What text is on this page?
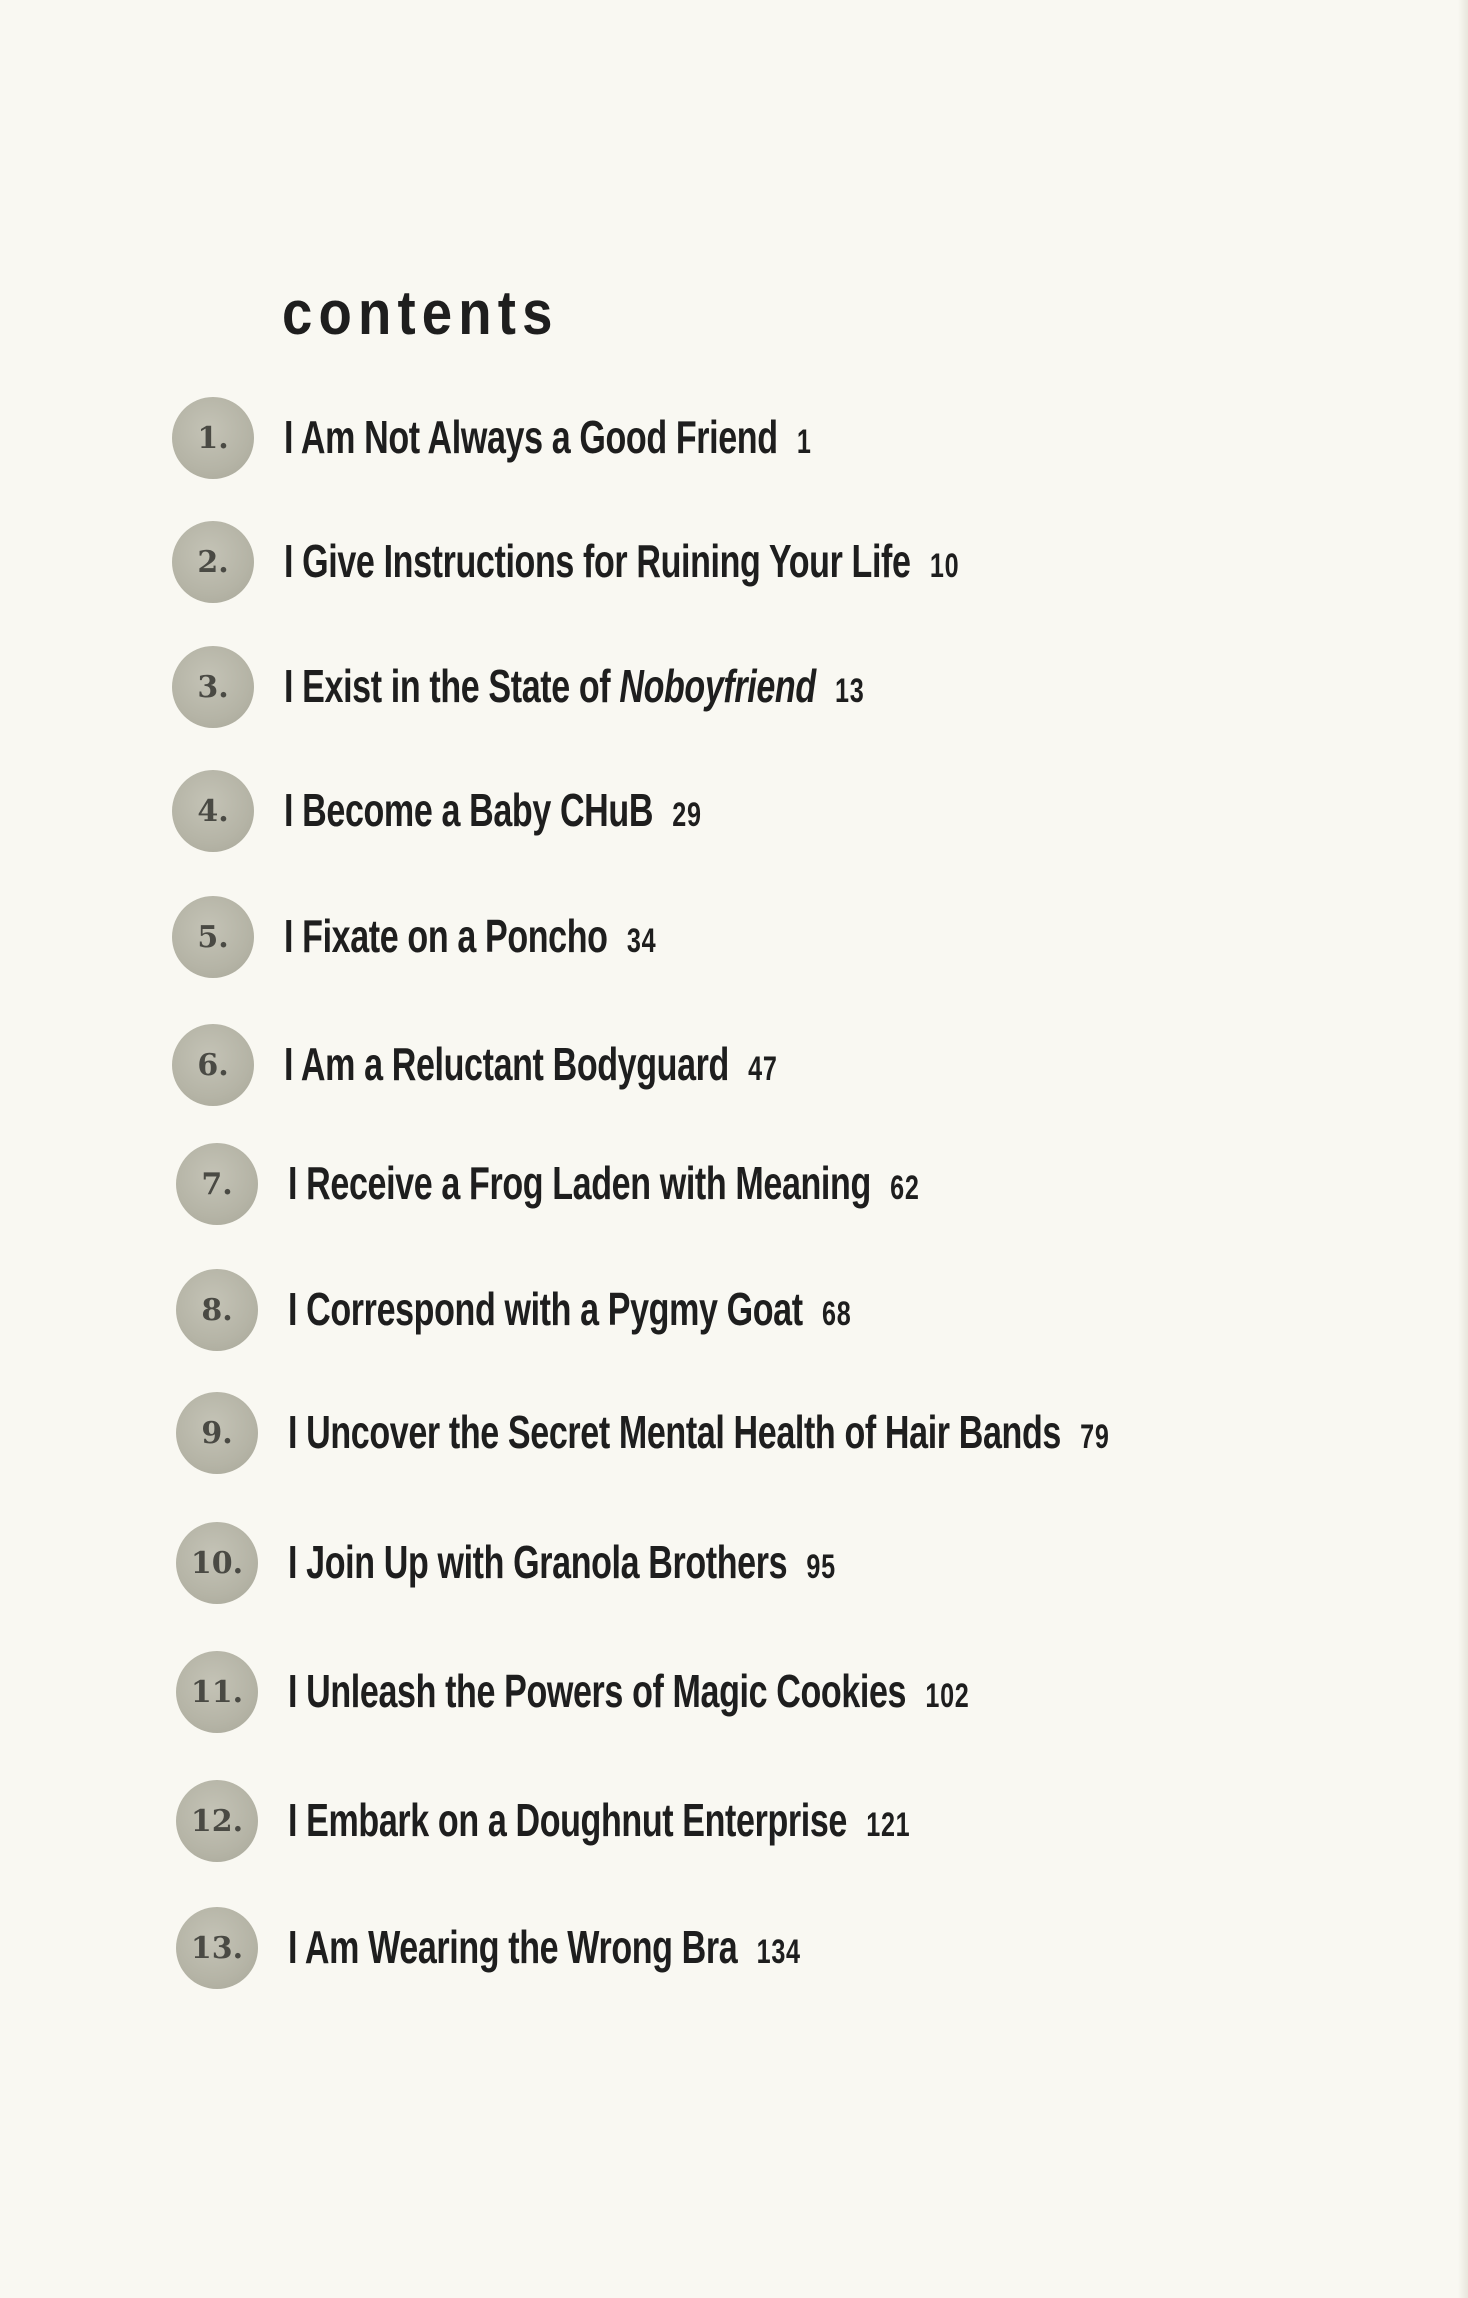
contents
1.	I Am Not Always a Good Friend 1
2.	I Give Instructions for Ruining Your Life 10
3.	I Exist in the State of Noboyfriend 13
4.	I Become a Baby CHuB 29
5.	I Fixate on a Poncho 34
6.	I Am a Reluctant Bodyguard 47
7.	I Receive a Frog Laden with Meaning 62
8.	I Correspond with a Pygmy Goat 68
9.	I Uncover the Secret Mental Health of Hair Bands 79
10. I Join Up with Granola Brothers 95
11. I Unleash the Powers of Magic Cookies 102
12. I Embark on a Doughnut Enterprise 121
13. I Am Wearing the Wrong Bra 134
